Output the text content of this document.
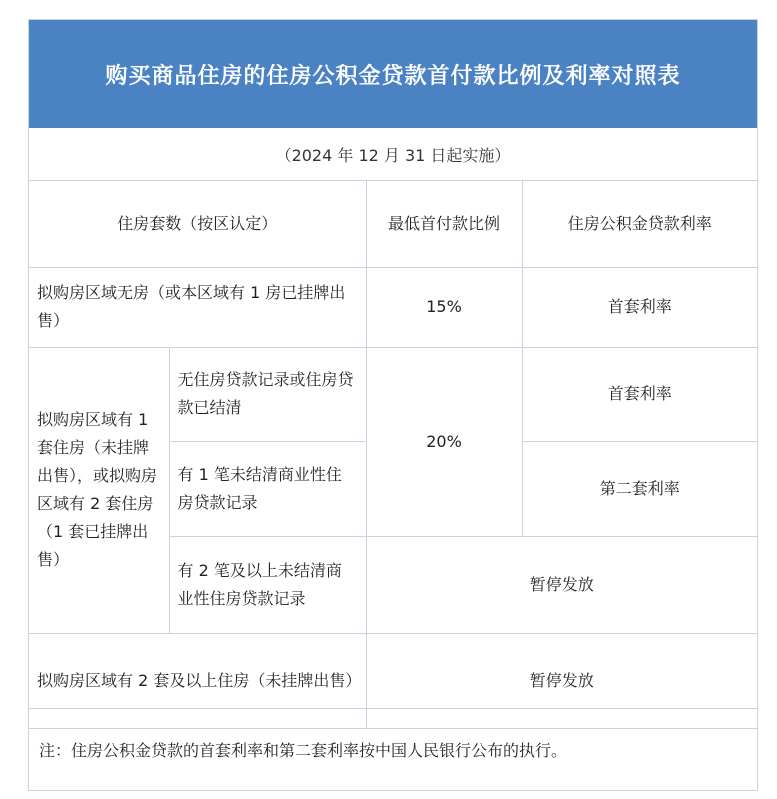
购买商品住房的住房公积金贷款首付款比例及利率对照表
（2024 年 12 月 31 日起实施）
住房套数（按区认定）		最低首付款比例	住房公积金贷款利率
拟购房区域无房（或本区域有 1 房已挂牌出售）		15%	首套利率
拟购房区域有 1 套住房（未挂牌出售），或拟购房区域有 2 套住房（1 套已挂牌出售）	无住房贷款记录或住房贷款已结清	20%	首套利率
	有 1 笔未结清商业性住房贷款记录		第二套利率
	有 2 笔及以上未结清商业性住房贷款记录	暂停发放	
拟购房区域有 2 套及以上住房（未挂牌出售）		暂停发放	
注：住房公积金贷款的首套利率和第二套利率按中国人民银行公布的执行。
